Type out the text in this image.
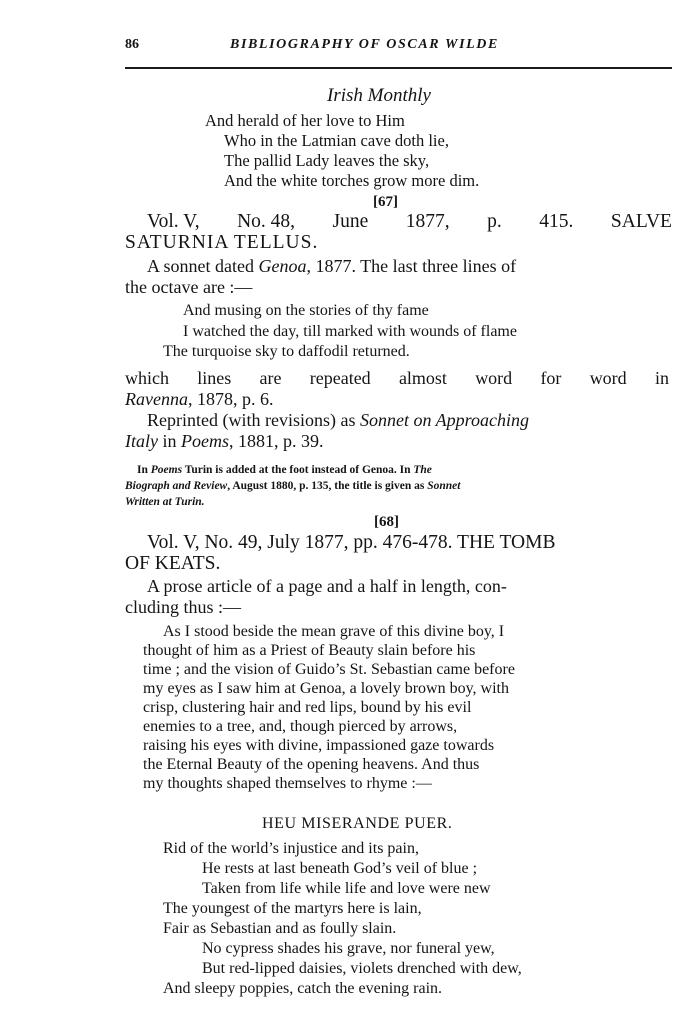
86	BIBLIOGRAPHY OF OSCAR WILDE
Irish Monthly
And herald of her love to Him
Who in the Latmian cave doth lie,
The pallid Lady leaves the sky,
And the white torches grow more dim.
[67]
Vol. V, No. 48, June 1877, p. 415. SALVE
SATURNIA TELLUS.
A sonnet dated Genoa, 1877. The last three lines of
the octave are :—
And musing on the stories of thy fame
I watched the day, till marked with wounds of flame
The turquoise sky to daffodil returned.
which lines are repeated almost word for word in
Ravenna, 1878, p. 6.
Reprinted (with revisions) as Sonnet on Approaching
Italy in Poems, 1881, p. 39.
In Poems Turin is added at the foot instead of Genoa. In The
Biograph and Review, August 1880, p. 135, the title is given as Sonnet
Written at Turin.
[68]
Vol. V, No. 49, July 1877, pp. 476-478. THE TOMB
OF KEATS.
A prose article of a page and a half in length, con-
cluding thus :—
As I stood beside the mean grave of this divine boy, I
thought of him as a Priest of Beauty slain before his
time ; and the vision of Guido’s St. Sebastian came before
my eyes as I saw him at Genoa, a lovely brown boy, with
crisp, clustering hair and red lips, bound by his evil
enemies to a tree, and, though pierced by arrows,
raising his eyes with divine, impassioned gaze towards
the Eternal Beauty of the opening heavens. And thus
my thoughts shaped themselves to rhyme :—
HEU MISERANDE PUER.
Rid of the world’s injustice and its pain,
He rests at last beneath God’s veil of blue ;
Taken from life while life and love were new
The youngest of the martyrs here is lain,
Fair as Sebastian and as foully slain.
No cypress shades his grave, nor funeral yew,
But red-lipped daisies, violets drenched with dew,
And sleepy poppies, catch the evening rain.
